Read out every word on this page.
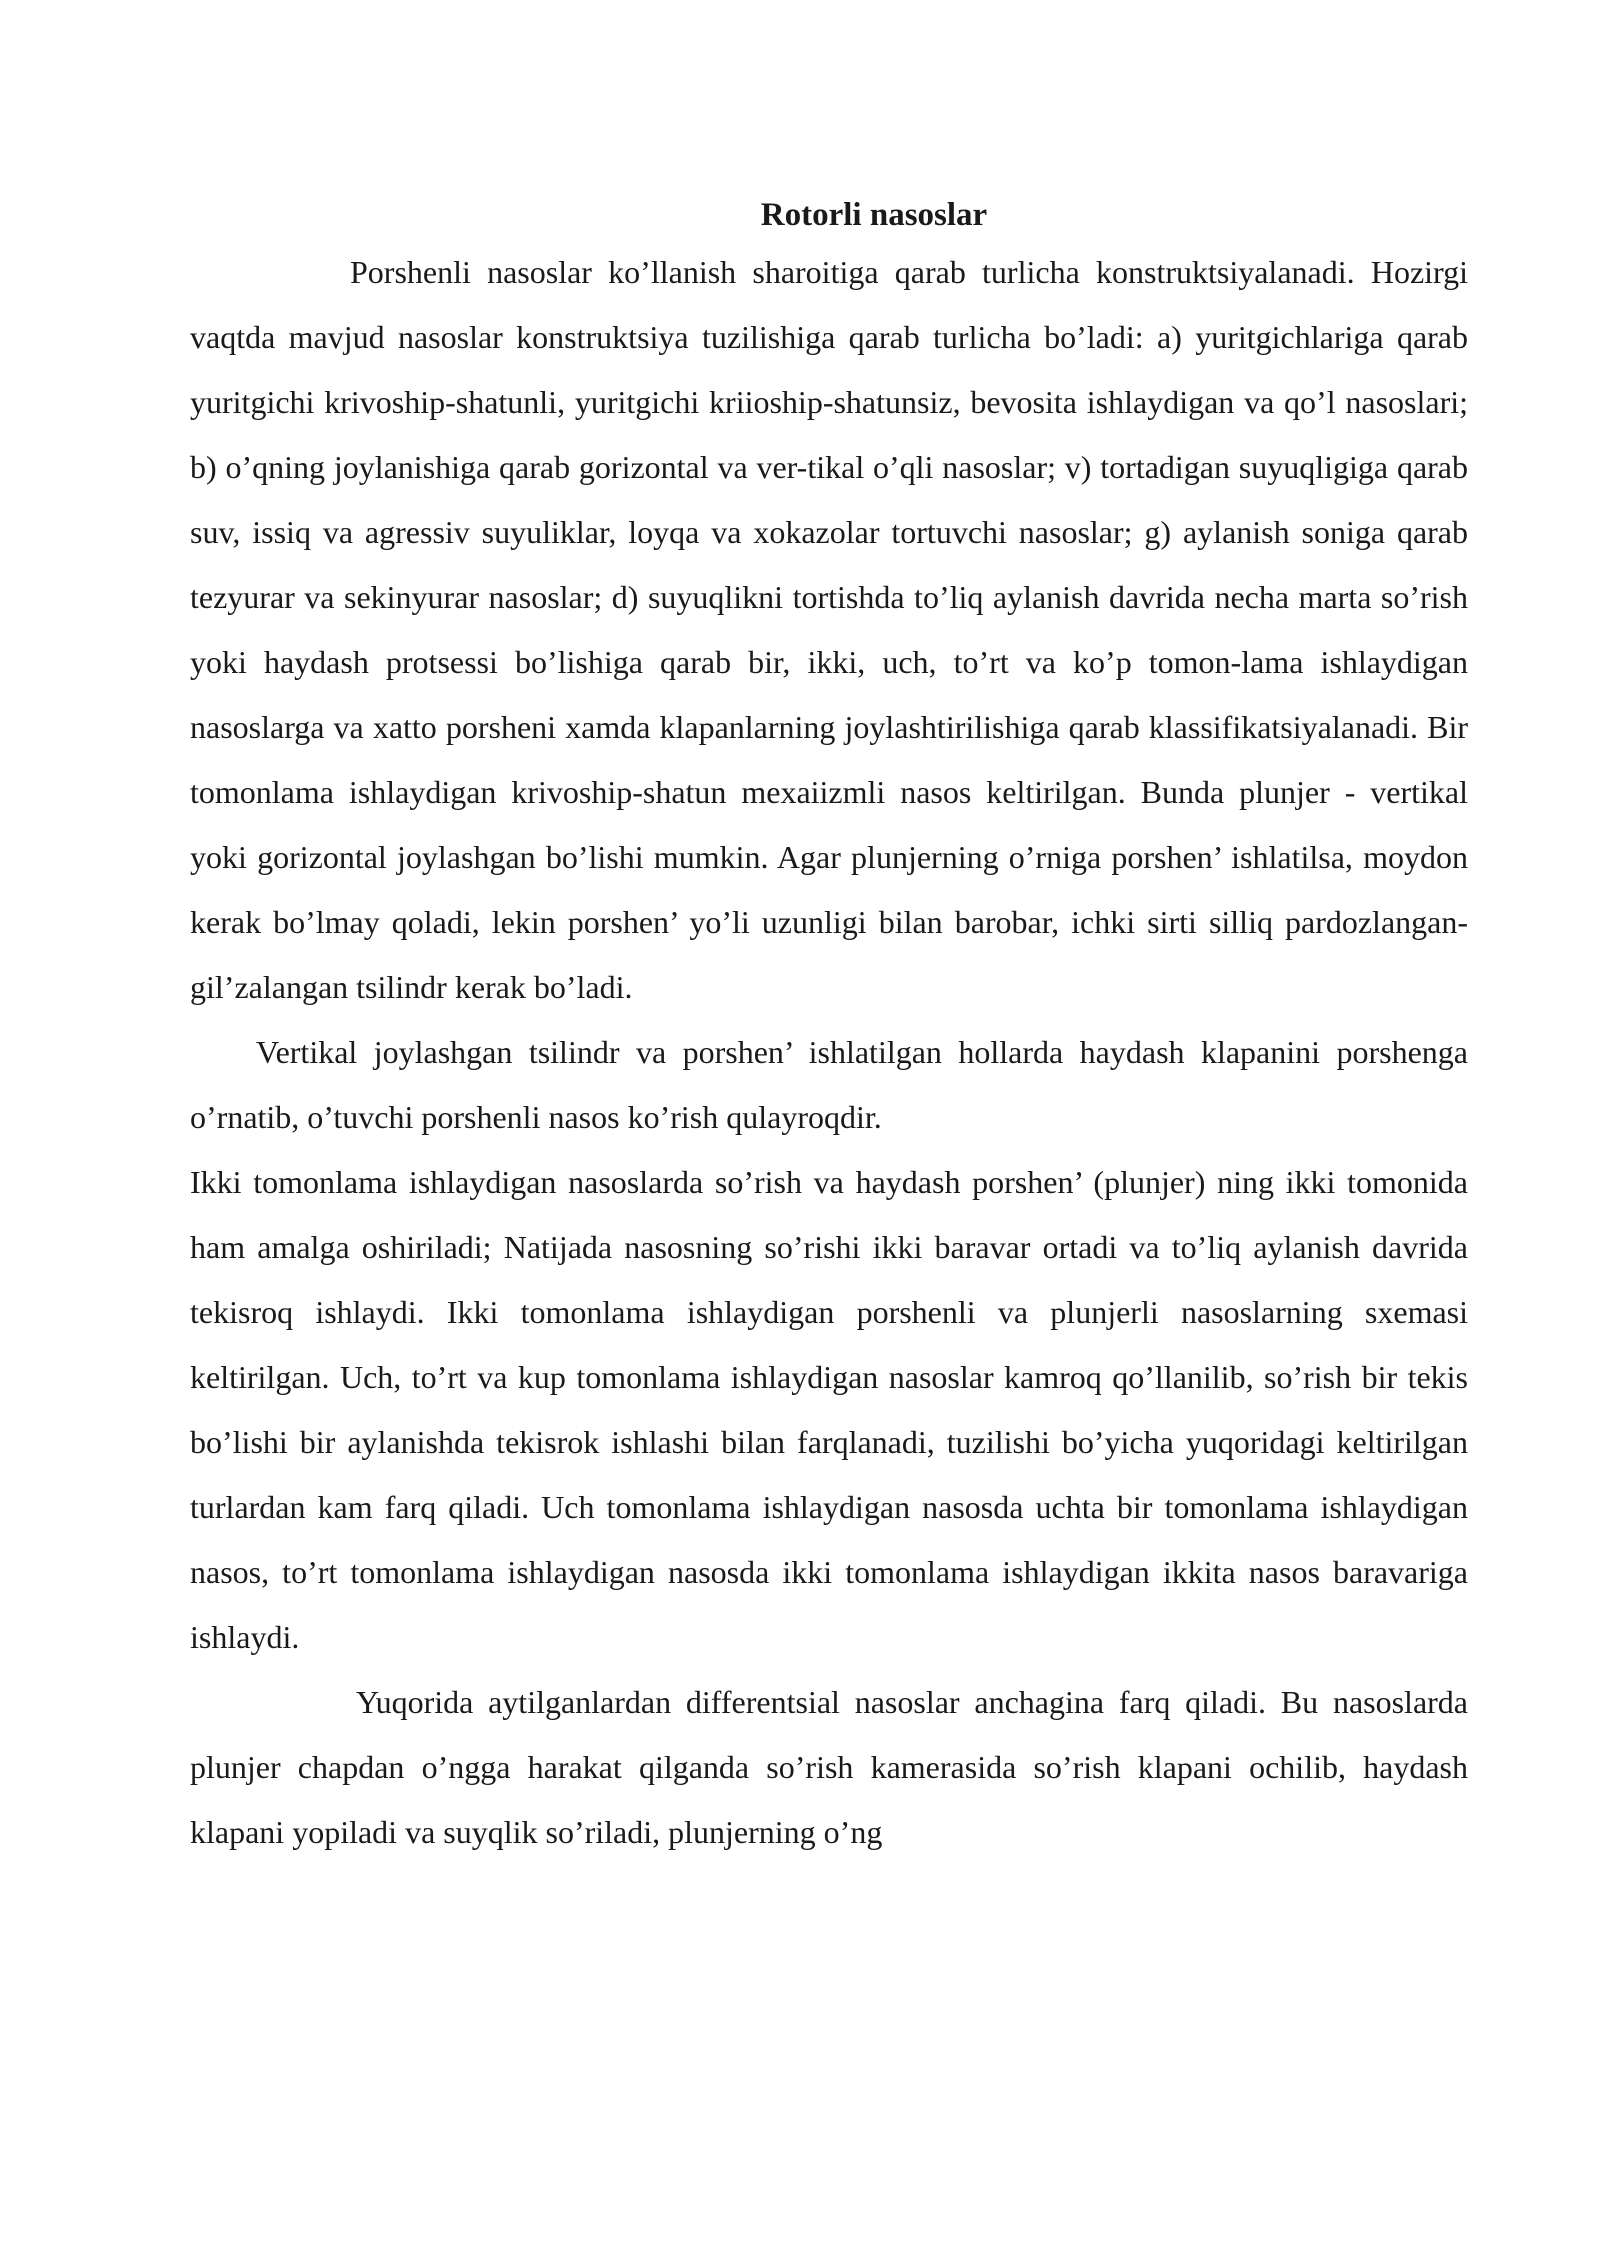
Rotorli nasoslar

Porshenli nasoslar ko’llanish sharoitiga qarab turlicha konstruktsiyalanadi. Hozirgi vaqtda mavjud nasoslar konstruktsiya tuzilishiga qarab turlicha bo’ladi: a) yuritgichlariga qarab yuritgichi krivoship-shatunli, yuritgichi kriioship-shatunsiz, bevosita ishlaydigan va qo’l nasoslari; b) o’qning joylanishiga qarab gorizontal va ver-tikal o’qli nasoslar; v) tortadigan suyuqligiga qarab suv, issiq va agressiv suyuliklar, loyqa va xokazolar tortuvchi nasoslar; g) aylanish soniga qarab tezyurar va sekinyurar nasoslar; d) suyuqlikni tortishda to’liq aylanish davrida necha marta so’rish yoki haydash protsessi bo’lishiga qarab bir, ikki, uch, to’rt va ko’p tomon-lama ishlaydigan nasoslarga va xatto porsheni xamda klapanlarning joylashtirilishiga qarab klassifikatsiyalanadi. Bir tomonlama ishlaydigan krivoship-shatun mexaiizmli nasos keltirilgan. Bunda plunjer - vertikal yoki gorizontal joylashgan bo’lishi mumkin. Agar plunjerning o’rniga porshen’ ishlatilsa, moydon kerak bo’lmay qoladi, lekin porshen’ yo’li uzunligi bilan barobar, ichki sirti silliq pardozlangan-gil’zalangan tsilindr kerak bo’ladi.

Vertikal joylashgan tsilindr va porshen’ ishlatilgan hollarda haydash klapanini porshenga o’rnatib, o’tuvchi porshenli nasos ko’rish qulayroqdir.

Ikki tomonlama ishlaydigan nasoslarda so’rish va haydash porshen’ (plunjer) ning ikki tomonida ham amalga oshiriladi; Natijada nasosning so’rishi ikki baravar ortadi va to’liq aylanish davrida tekisroq ishlaydi. Ikki tomonlama ishlaydigan porshenli va plunjerli nasoslarning sxemasi keltirilgan. Uch, to’rt va kup tomonlama ishlaydigan nasoslar kamroq qo’llanilib, so’rish bir tekis bo’lishi bir aylanishda tekisrok ishlashi bilan farqlanadi, tuzilishi bo’yicha yuqoridagi keltirilgan turlardan kam farq qiladi. Uch tomonlama ishlaydigan nasosda uchta bir tomonlama ishlaydigan nasos, to’rt tomonlama ishlaydigan nasosda ikki tomonlama ishlaydigan ikkita nasos baravariga ishlaydi.

Yuqorida aytilganlardan differentsial nasoslar anchagina farq qiladi. Bu nasoslarda plunjer chapdan o’ngga harakat qilganda so’rish kamerasida so’rish klapani ochilib, haydash klapani yopiladi va suyqlik so’riladi, plunjerning o’ng
